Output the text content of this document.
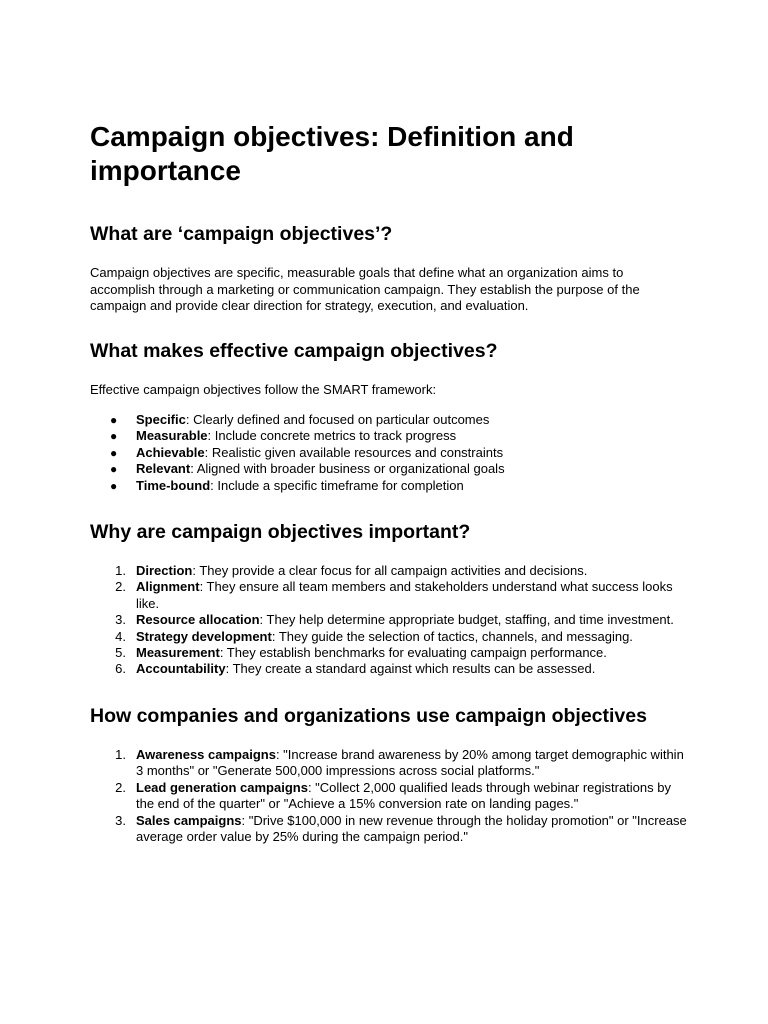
Campaign objectives: Definition and importance
What are ‘campaign objectives’?

Campaign objectives are specific, measurable goals that define what an organization aims to accomplish through a marketing or communication campaign. They establish the purpose of the campaign and provide clear direction for strategy, execution, and evaluation.

What makes effective campaign objectives?

Effective campaign objectives follow the SMART framework:

● Specific: Clearly defined and focused on particular outcomes
● Measurable: Include concrete metrics to track progress
● Achievable: Realistic given available resources and constraints
● Relevant: Aligned with broader business or organizational goals
● Time-bound: Include a specific timeframe for completion
Why are campaign objectives important?
1. Direction: They provide a clear focus for all campaign activities and decisions.
2. Alignment: They ensure all team members and stakeholders understand what success looks like.
3. Resource allocation: They help determine appropriate budget, staffing, and time investment.
4. Strategy development: They guide the selection of tactics, channels, and messaging.
5. Measurement: They establish benchmarks for evaluating campaign performance.
6. Accountability: They create a standard against which results can be assessed.
How companies and organizations use campaign objectives
1. Awareness campaigns: "Increase brand awareness by 20% among target demographic within 3 months" or "Generate 500,000 impressions across social platforms."
2. Lead generation campaigns: "Collect 2,000 qualified leads through webinar registrations by the end of the quarter" or "Achieve a 15% conversion rate on landing pages."
3. Sales campaigns: "Drive $100,000 in new revenue through the holiday promotion" or "Increase average order value by 25% during the campaign period."
